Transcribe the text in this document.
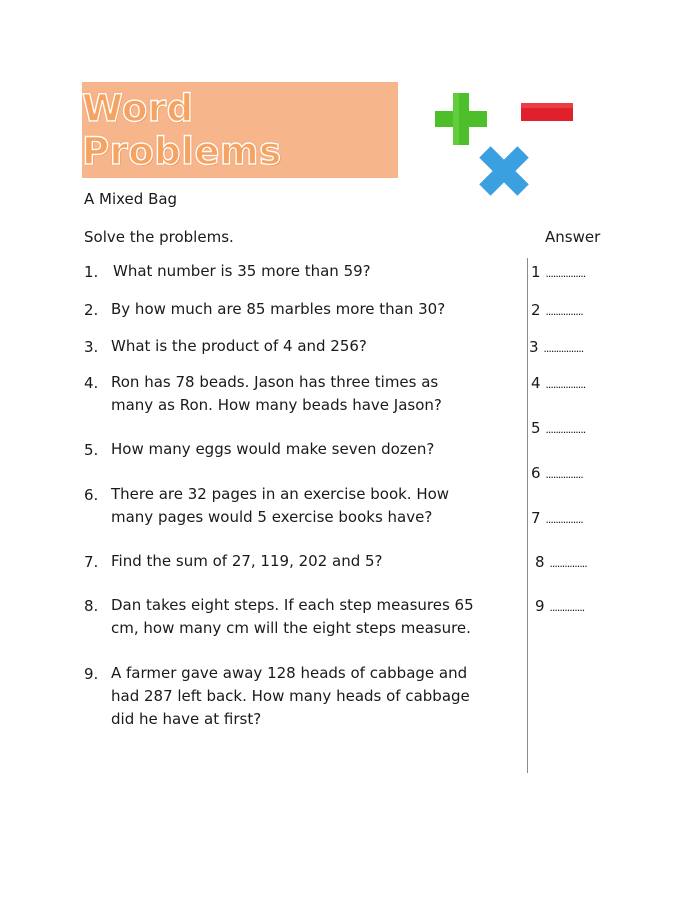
Word Problems
A Mixed Bag
Solve the problems.	Answer
1. What number is 35 more than 59?
2. By how much are 85 marbles more than 30?
3. What is the product of 4 and 256?
4. Ron has 78 beads. Jason has three times as many as Ron. How many beads have Jason?
5. How many eggs would make seven dozen?
6. There are 32 pages in an exercise book. How many pages would 5 exercise books have?
7. Find the sum of 27, 119, 202 and 5?
8. Dan takes eight steps. If each step measures 65 cm, how many cm will the eight steps measure.
9. A farmer gave away 128 heads of cabbage and had 287 left back. How many heads of cabbage did he have at first?
1 ................
2 ...............
3 ................
4 ................
5 ................
6 ...............
7 ...............
8 ...............
9 ..............
